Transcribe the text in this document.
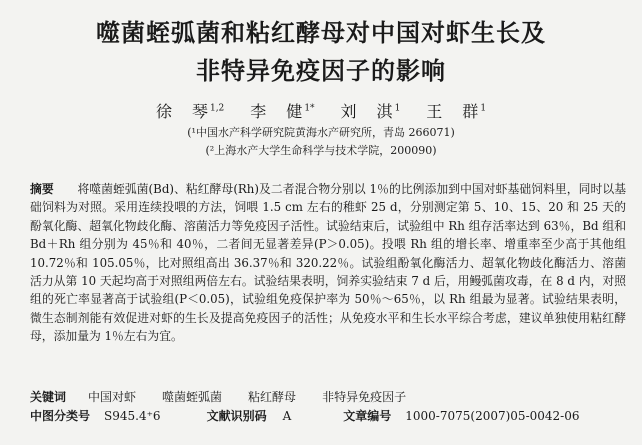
噬菌蛭弧菌和粘红酵母对中国对虾生长及
非特异免疫因子的影响
徐　琴$^{1,2}$ 李　健$^{1*}$ 刘　淇$^1$ 王　群$^1$
(¹中国水产科学研究院黄海水产研究所，青岛 266071)
(²上海水产大学生命科学与技术学院，200090)
摘要　　 将噬菌蛭弧菌(Bd)、粘红酵母(Rh)及二者混合物分别以 1％的比例添加到中国对虾基础饲料里，同时以基础饲料为对照。采用连续投喂的方法，饲喂 1.5 cm 左右的稚虾 25 d，分别测定第 5、10、15、20 和 25 天的酚氧化酶、超氧化物歧化酶、溶菌活力等免疫因子活性。试验结束后，试验组中 Rh 组存活率达到 63％，Bd 组和 Bd＋Rh 组分别为 45％和 40％，二者间无显著差异(P＞0.05)。投喂 Rh 组的增长率、增重率至少高于其他组 10.72％和 105.05％，比对照组高出 36.37％和 320.22％。试验组酚氧化酶活力、超氧化物歧化酶活力、溶菌活力从第 10 天起均高于对照组两倍左右。试验结果表明，饲养实验结束 7 d 后，用鳗弧菌攻毒，在 8 d 内，对照组的死亡率显著高于试验组(P＜0.05)，试验组免疫保护率为 50％～65％，以 Rh 组最为显著。试验结果表明，微生态制剂能有效促进对虾的生长及提高免疫因子的活性；从免疫水平和生长水平综合考虑，建议单独使用粘红酵母，添加量为 1％左右为宜。
关键词 中国对虾 噬菌蛭弧菌 粘红酵母 非特异免疫因子
中图分类号 S945.4⁺6	文献识别码 A	文章编号 1000-7075(2007)05-0042-06
